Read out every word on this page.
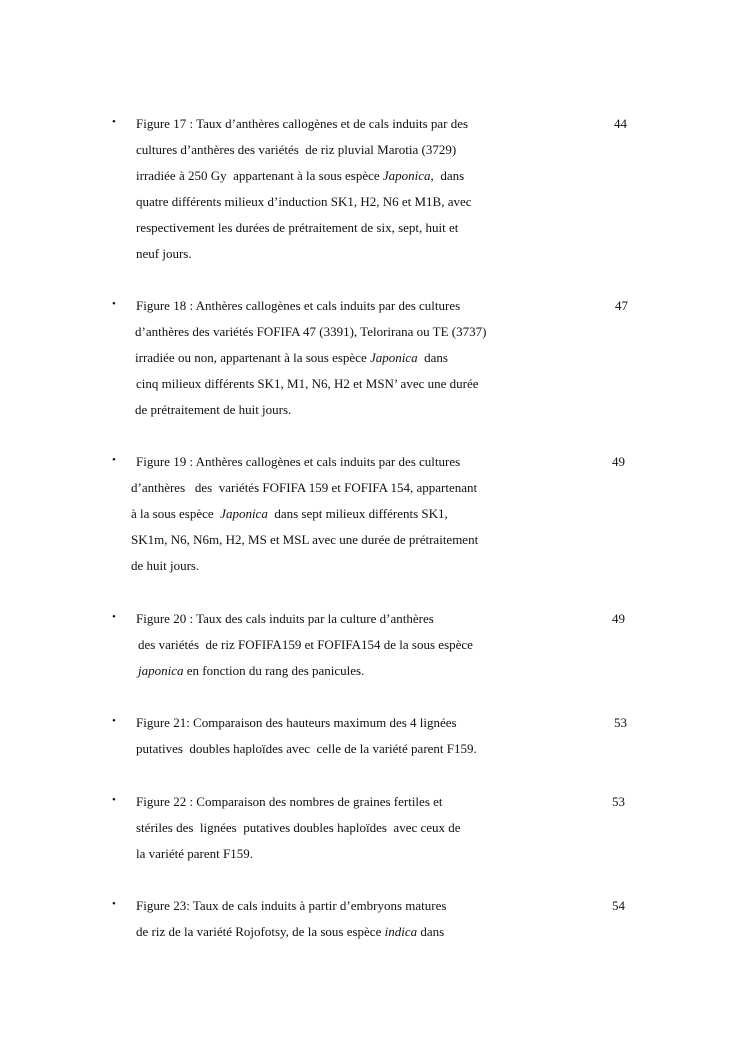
• Figure 17 : Taux d’anthères callogènes et de cals induits par des
cultures d’anthères des variétés  de riz pluvial Marotia (3729)
irradiée à 250 Gy  appartenant à la sous espèce Japonica,  dans
quatre différents milieux d’induction SK1, H2, N6 et M1B, avec
respectivement les durées de prétraitement de six, sept, huit et
neuf jours.
44
• Figure 18 : Anthères callogènes et cals induits par des cultures
d’anthères des variétés FOFIFA 47 (3391), Telorirana ou TE (3737)
irradiée ou non, appartenant à la sous espèce Japonica  dans
cinq milieux différents SK1, M1, N6, H2 et MSN’ avec une durée
de prétraitement de huit jours.
47
• Figure 19 : Anthères callogènes et cals induits par des cultures
d’anthères   des  variétés FOFIFA 159 et FOFIFA 154, appartenant
à la sous espèce  Japonica  dans sept milieux différents SK1,
SK1m, N6, N6m, H2, MS et MSL avec une durée de prétraitement
de huit jours.
49
• Figure 20 : Taux des cals induits par la culture d’anthères
des variétés  de riz FOFIFA159 et FOFIFA154 de la sous espèce
japonica en fonction du rang des panicules.
49
• Figure 21: Comparaison des hauteurs maximum des 4 lignées
putatives  doubles haploïdes avec  celle de la variété parent F159.
53
• Figure 22 : Comparaison des nombres de graines fertiles et
stériles des  lignées  putatives doubles haploïdes  avec ceux de
la variété parent F159.
53
• Figure 23: Taux de cals induits à partir d’embryons matures
de riz de la variété Rojofotsy, de la sous espèce indica dans
54
